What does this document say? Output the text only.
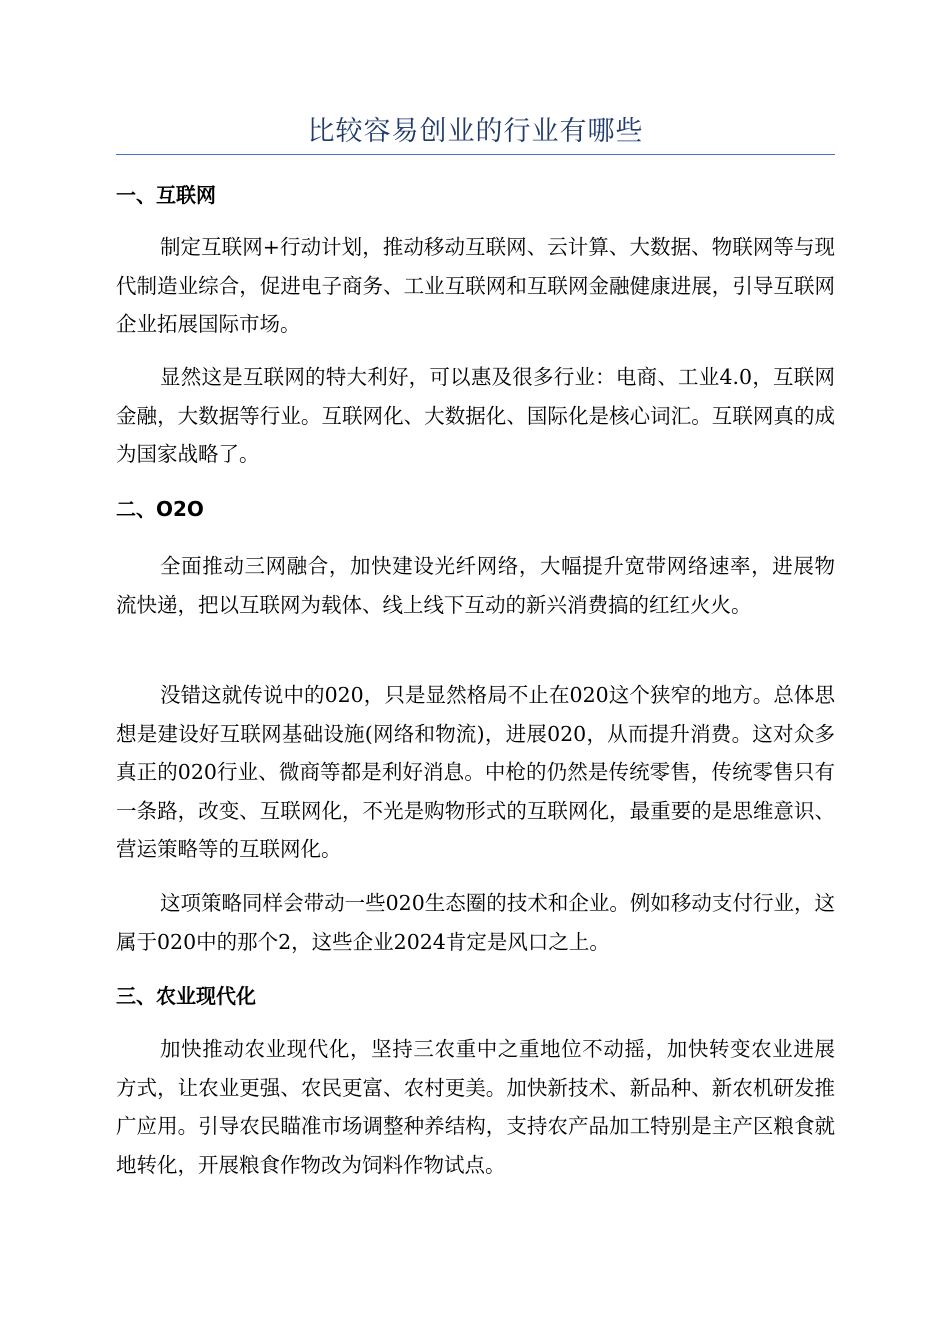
比较容易创业的行业有哪些
一、互联网
制定互联网+行动计划，推动移动互联网、云计算、大数据、物联网等与现代制造业综合，促进电子商务、工业互联网和互联网金融健康进展，引导互联网企业拓展国际市场。
显然这是互联网的特大利好，可以惠及很多行业：电商、工业4.0，互联网金融，大数据等行业。互联网化、大数据化、国际化是核心词汇。互联网真的成为国家战略了。
二、O2O
全面推动三网融合，加快建设光纤网络，大幅提升宽带网络速率，进展物流快递，把以互联网为载体、线上线下互动的新兴消费搞的红红火火。
没错这就传说中的020，只是显然格局不止在020这个狭窄的地方。总体思想是建设好互联网基础设施(网络和物流)，进展020，从而提升消费。这对众多真正的020行业、微商等都是利好消息。中枪的仍然是传统零售，传统零售只有一条路，改变、互联网化，不光是购物形式的互联网化，最重要的是思维意识、营运策略等的互联网化。
这项策略同样会带动一些020生态圈的技术和企业。例如移动支付行业，这属于020中的那个2，这些企业2024肯定是风口之上。
三、农业现代化
加快推动农业现代化，坚持三农重中之重地位不动摇，加快转变农业进展方式，让农业更强、农民更富、农村更美。加快新技术、新品种、新农机研发推广应用。引导农民瞄准市场调整种养结构，支持农产品加工特别是主产区粮食就地转化，开展粮食作物改为饲料作物试点。
